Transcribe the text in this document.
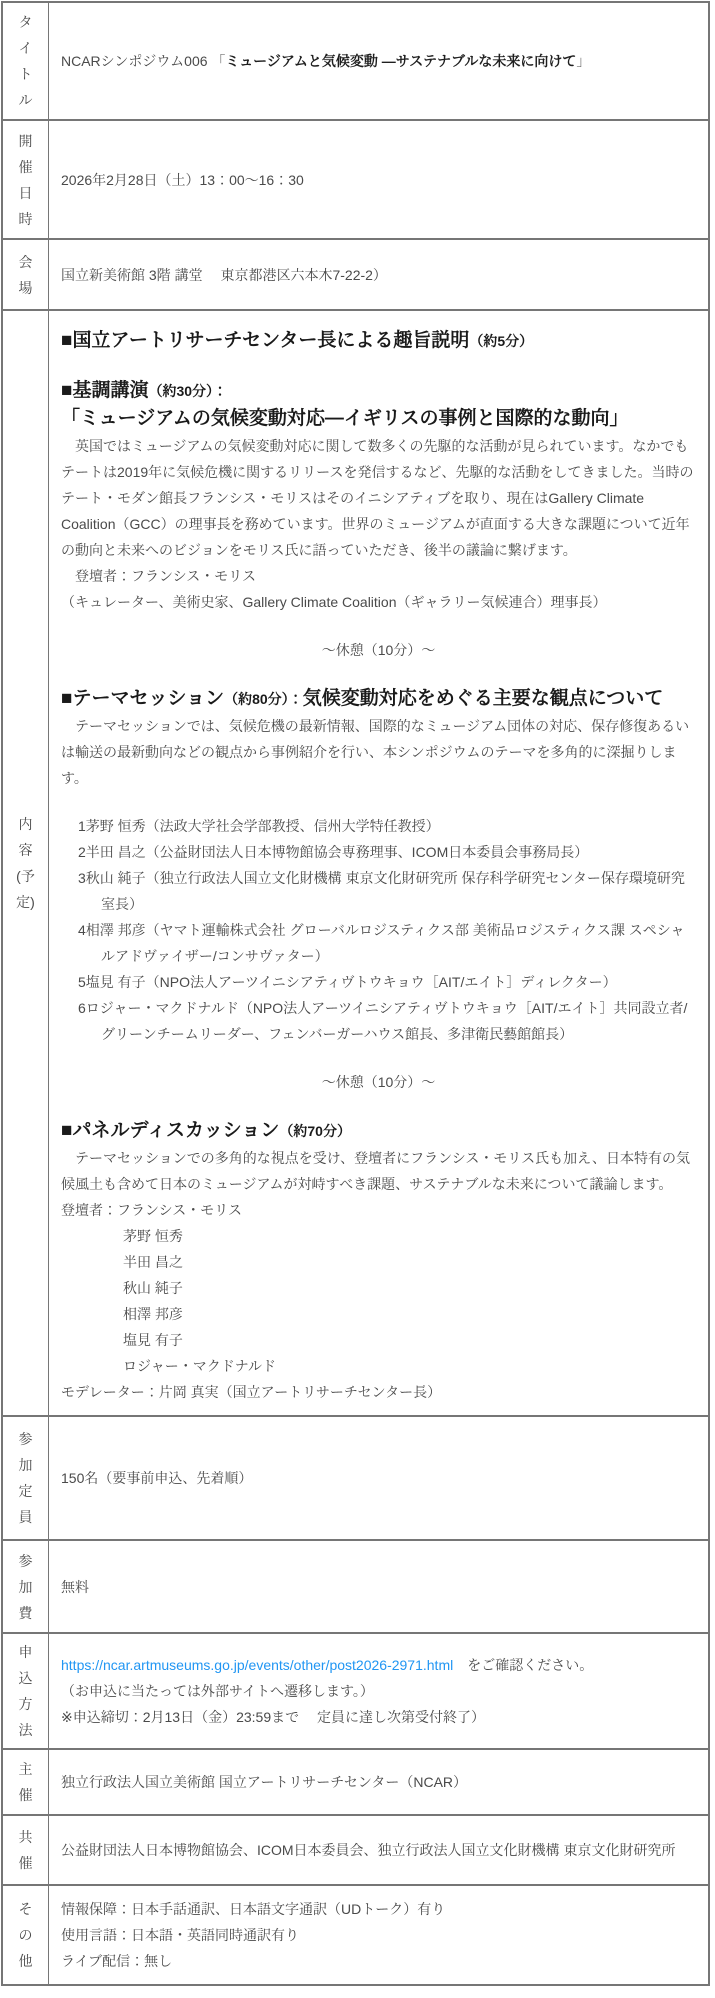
タ
イ
ト
ル
NCARシンポジウム006 「ミュージアムと気候変動 ―サステナブルな未来に向けて」
開
催
日
時
2026年2月28日（土）13：00～16：30
会
場
国立新美術館 3階 講堂　 東京都港区六本木7-22-2）
内
容
(予
定)
■国立アートリサーチセンター長による趣旨説明（約5分）
■基調講演（約30分）：
「ミュージアムの気候変動対応―イギリスの事例と国際的な動向」
　英国ではミュージアムの気候変動対応に関して数多くの先駆的な活動が見られています。なかでもテートは2019年に気候危機に関するリリースを発信するなど、先駆的な活動をしてきました。当時のテート・モダン館長フランシス・モリスはそのイニシアティブを取り、現在はGallery Climate Coalition（GCC）の理事長を務めています。世界のミュージアムが直面する大きな課題について近年の動向と未来へのビジョンをモリス氏に語っていただき、後半の議論に繋げます。
　登壇者：フランシス・モリス
（キュレーター、美術史家、Gallery Climate Coalition（ギャラリー気候連合）理事長）
～休憩（10分）～
■テーマセッション（約80分）：気候変動対応をめぐる主要な観点について
　テーマセッションでは、気候危機の最新情報、国際的なミュージアム団体の対応、保存修復あるいは輸送の最新動向などの観点から事例紹介を行い、本シンポジウムのテーマを多角的に深掘りします。
1茅野 恒秀（法政大学社会学部教授、信州大学特任教授）
2半田 昌之（公益財団法人日本博物館協会専務理事、ICOM日本委員会事務局長）
3秋山 純子（独立行政法人国立文化財機構 東京文化財研究所 保存科学研究センター保存環境研究室長）
4相澤 邦彦（ヤマト運輸株式会社 グローバルロジスティクス部 美術品ロジスティクス課 スペシャルアドヴァイザー/コンサヴァター）
5塩見 有子（NPO法人アーツイニシアティヴトウキョウ［AIT/エイト］ディレクター）
6ロジャー・マクドナルド（NPO法人アーツイニシアティヴトウキョウ［AIT/エイト］共同設立者/グリーンチームリーダー、フェンバーガーハウス館長、多津衛民藝館館長）
～休憩（10分）～
■パネルディスカッション（約70分）
　テーマセッションでの多角的な視点を受け、登壇者にフランシス・モリス氏も加え、日本特有の気候風土も含めて日本のミュージアムが対峙すべき課題、サステナブルな未来について議論します。
登壇者：フランシス・モリス
茅野 恒秀
半田 昌之
秋山 純子
相澤 邦彦
塩見 有子
ロジャー・マクドナルド
モデレーター：片岡 真実（国立アートリサーチセンター長）
参
加
定
員
150名（要事前申込、先着順）
参
加
費
無料
申
込
方
法
https://ncar.artmuseums.go.jp/events/other/post2026-2971.html　をご確認ください。
（お申込に当たっては外部サイトへ遷移します。）
※申込締切：2月13日（金）23:59まで　 定員に達し次第受付終了）
主
催
独立行政法人国立美術館 国立アートリサーチセンター（NCAR）
共
催
公益財団法人日本博物館協会、ICOM日本委員会、独立行政法人国立文化財機構 東京文化財研究所
そ
の
他
情報保障：日本手話通訳、日本語文字通訳（UDトーク）有り
使用言語：日本語・英語同時通訳有り
ライブ配信：無し
